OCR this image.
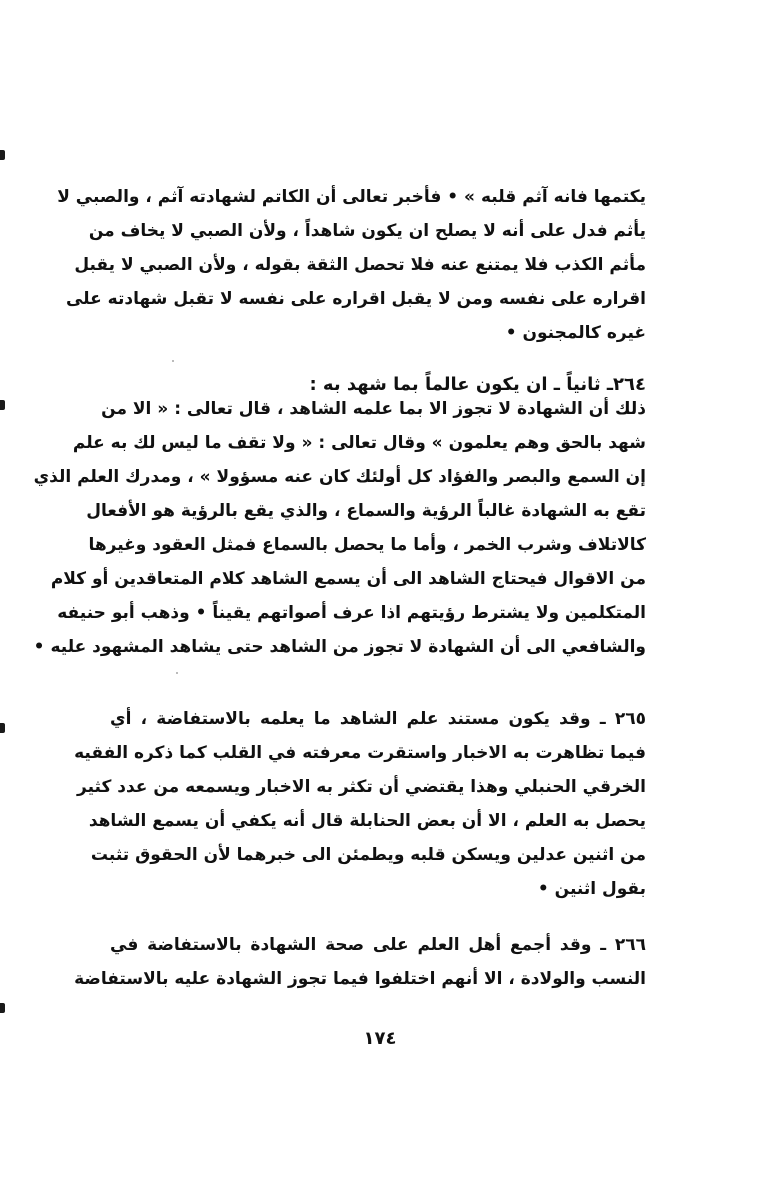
يكتمها فانه آثم قلبه » • فأخبر تعالى أن الكاتم لشهادته آثم ، والصبي لا
يأثم فدل على أنه لا يصلح ان يكون شاهداً ، ولأن الصبي لا يخاف من
مأثم الكذب فلا يمتنع عنه فلا تحصل الثقة بقوله ، ولأن الصبي لا يقبل
اقراره على نفسه ومن لا يقبل اقراره على نفسه لا تقبل شهادته على
غيره كالمجنون •
٢٦٤ـ ثانياً ـ ان يكون عالماً بما شهد به :
ذلك أن الشهادة لا تجوز الا بما علمه الشاهد ، قال تعالى : « الا من
شهد بالحق وهم يعلمون » وقال تعالى : « ولا تقف ما ليس لك به علم
إن السمع والبصر والفؤاد كل أولئك كان عنه مسؤولا » ، ومدرك العلم الذي
تقع به الشهادة غالباً الرؤية والسماع ، والذي يقع بالرؤية هو الأفعال
كالاتلاف وشرب الخمر ، وأما ما يحصل بالسماع فمثل العقود وغيرها
من الاقوال فيحتاج الشاهد الى أن يسمع الشاهد كلام المتعاقدين أو كلام
المتكلمين ولا يشترط رؤيتهم اذا عرف أصواتهم يقيناً • وذهب أبو حنيفه
والشافعي الى أن الشهادة لا تجوز من الشاهد حتى يشاهد المشهود عليه •
٢٦٥ ـ وقد يكون مستند علم الشاهد ما يعلمه بالاستفاضة ، أي
فيما تظاهرت به الاخبار واستقرت معرفته في القلب كما ذكره الفقيه
الخرقي الحنبلي وهذا يقتضي أن تكثر به الاخبار ويسمعه من عدد كثير
يحصل به العلم ، الا أن بعض الحنابلة قال أنه يكفي أن يسمع الشاهد
من اثنين عدلين ويسكن قلبه ويطمئن الى خبرهما لأن الحقوق تثبت
بقول اثنين •
٢٦٦ ـ وقد أجمع أهل العلم على صحة الشهادة بالاستفاضة في
النسب والولادة ، الا أنهم اختلفوا فيما تجوز الشهادة عليه بالاستفاضة
١٧٤
